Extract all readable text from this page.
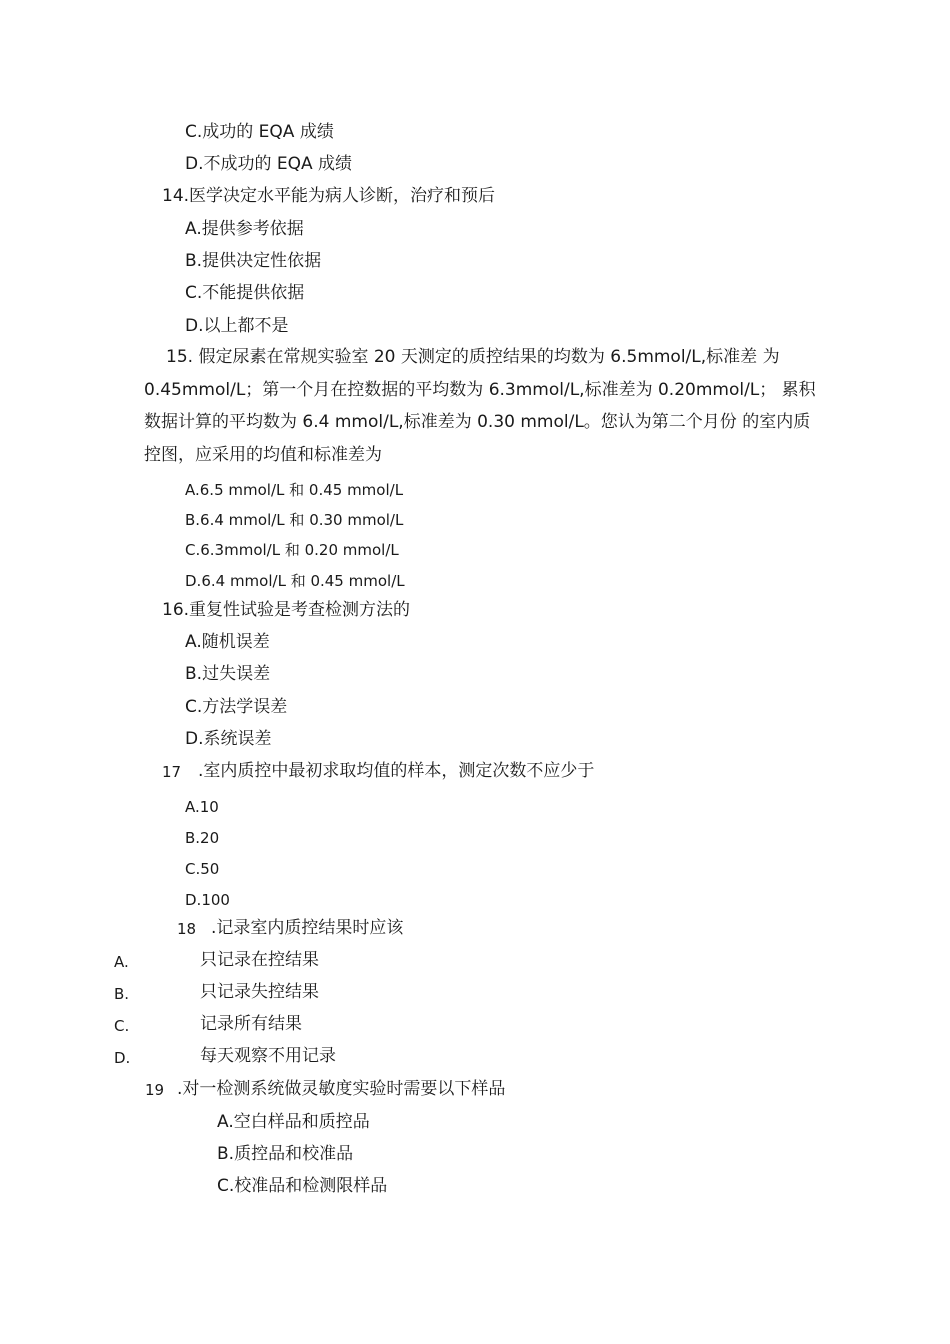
C.成功的 EQA 成绩
D.不成功的 EQA 成绩
14.医学决定水平能为病人诊断，治疗和预后
A.提供参考依据
B.提供决定性依据
C.不能提供依据
D.以上都不是
15. 假定尿素在常规实验室 20 天测定的质控结果的均数为 6.5mmol/L,标准差 为 0.45mmol/L；第一个月在控数据的平均数为 6.3mmol/L,标准差为 0.20mmol/L； 累积数据计算的平均数为 6.4 mmol/L,标准差为 0.30 mmol/L。您认为第二个月份 的室内质控图，应采用的均值和标准差为
A.6.5 mmol/L 和 0.45 mmol/L
B.6.4 mmol/L 和 0.30 mmol/L
C.6.3mmol/L 和 0.20 mmol/L
D.6.4 mmol/L 和 0.45 mmol/L
16.重复性试验是考查检测方法的
A.随机误差
B.过失误差
C.方法学误差
D.系统误差
17 .室内质控中最初求取均值的样本，测定次数不应少于
A.10
B.20
C.50
D.100
18 .记录室内质控结果时应该
A.	只记录在控结果
B.	只记录失控结果
C.	记录所有结果
D.	每天观察不用记录
19 .对一检测系统做灵敏度实验时需要以下样品
A.空白样品和质控品
B.质控品和校准品
C.校准品和检测限样品
